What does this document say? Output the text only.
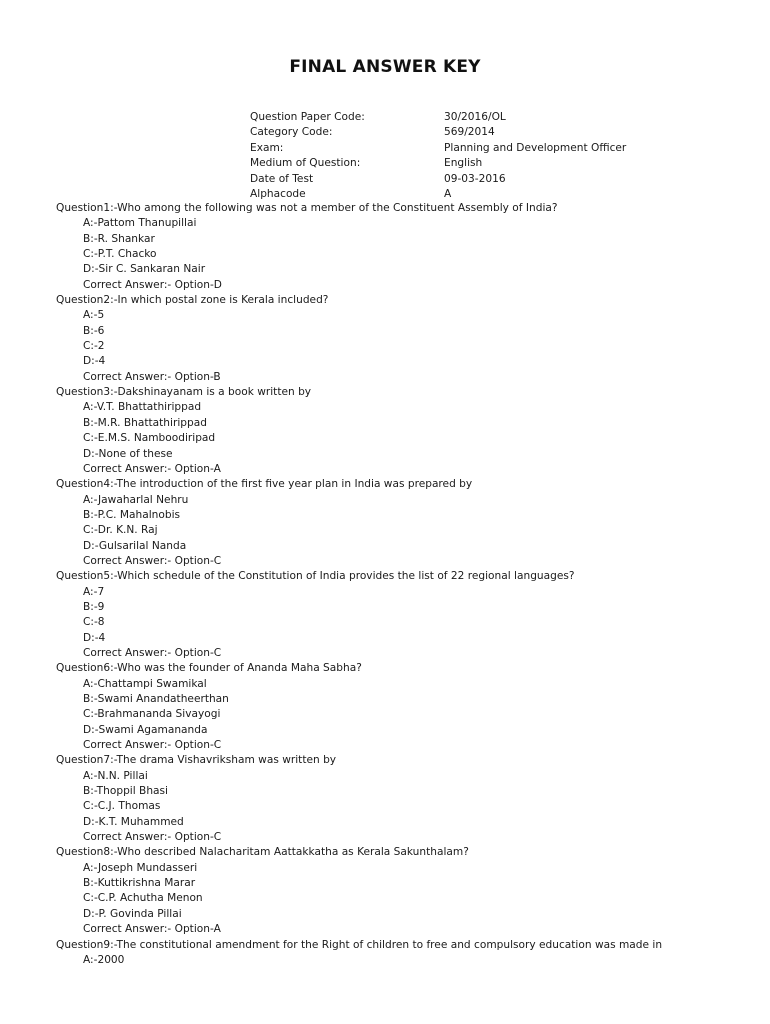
FINAL ANSWER KEY
Question Paper Code:	30/2016/OL
Category Code:	569/2014
Exam:	Planning and Development Officer
Medium of Question:	English
Date of Test	09-03-2016
Alphacode	A
Question1:-Who among the following was not a member of the Constituent Assembly of India?
A:-Pattom Thanupillai
B:-R. Shankar
C:-P.T. Chacko
D:-Sir C. Sankaran Nair
Correct Answer:- Option-D
Question2:-In which postal zone is Kerala included?
A:-5
B:-6
C:-2
D:-4
Correct Answer:- Option-B
Question3:-Dakshinayanam is a book written by
A:-V.T. Bhattathirippad
B:-M.R. Bhattathirippad
C:-E.M.S. Namboodiripad
D:-None of these
Correct Answer:- Option-A
Question4:-The introduction of the first five year plan in India was prepared by
A:-Jawaharlal Nehru
B:-P.C. Mahalnobis
C:-Dr. K.N. Raj
D:-Gulsarilal Nanda
Correct Answer:- Option-C
Question5:-Which schedule of the Constitution of India provides the list of 22 regional languages?
A:-7
B:-9
C:-8
D:-4
Correct Answer:- Option-C
Question6:-Who was the founder of Ananda Maha Sabha?
A:-Chattampi Swamikal
B:-Swami Anandatheerthan
C:-Brahmananda Sivayogi
D:-Swami Agamananda
Correct Answer:- Option-C
Question7:-The drama Vishavriksham was written by
A:-N.N. Pillai
B:-Thoppil Bhasi
C:-C.J. Thomas
D:-K.T. Muhammed
Correct Answer:- Option-C
Question8:-Who described Nalacharitam Aattakkatha as Kerala Sakunthalam?
A:-Joseph Mundasseri
B:-Kuttikrishna Marar
C:-C.P. Achutha Menon
D:-P. Govinda Pillai
Correct Answer:- Option-A
Question9:-The constitutional amendment for the Right of children to free and compulsory education was made in
A:-2000
